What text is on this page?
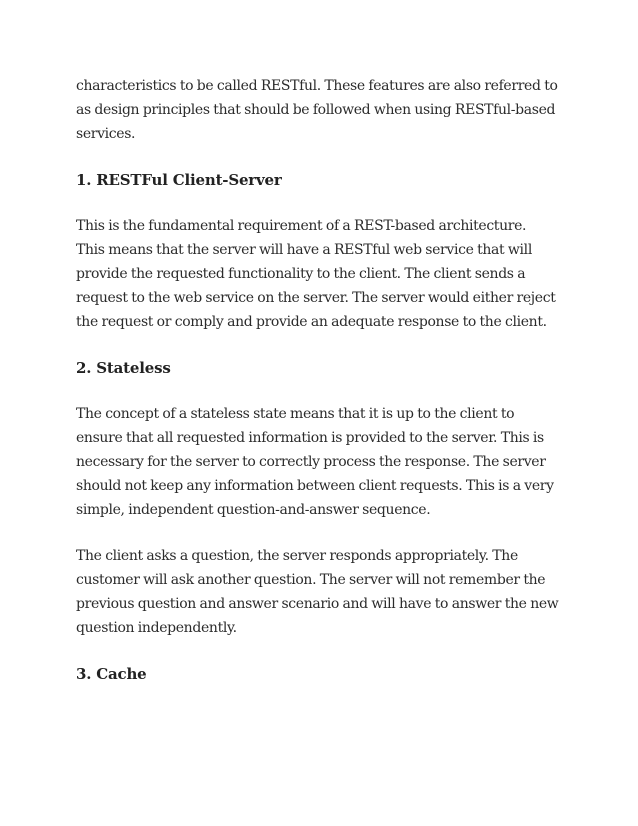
characteristics to be called RESTful. These features are also referred to
as design principles that should be followed when using RESTful-based
services.

1. RESTFul Client-Server

This is the fundamental requirement of a REST-based architecture.
This means that the server will have a RESTful web service that will
provide the requested functionality to the client. The client sends a
request to the web service on the server. The server would either reject
the request or comply and provide an adequate response to the client.

2. Stateless

The concept of a stateless state means that it is up to the client to
ensure that all requested information is provided to the server. This is
necessary for the server to correctly process the response. The server
should not keep any information between client requests. This is a very
simple, independent question-and-answer sequence.

The client asks a question, the server responds appropriately. The
customer will ask another question. The server will not remember the
previous question and answer scenario and will have to answer the new
question independently.

3. Cache
